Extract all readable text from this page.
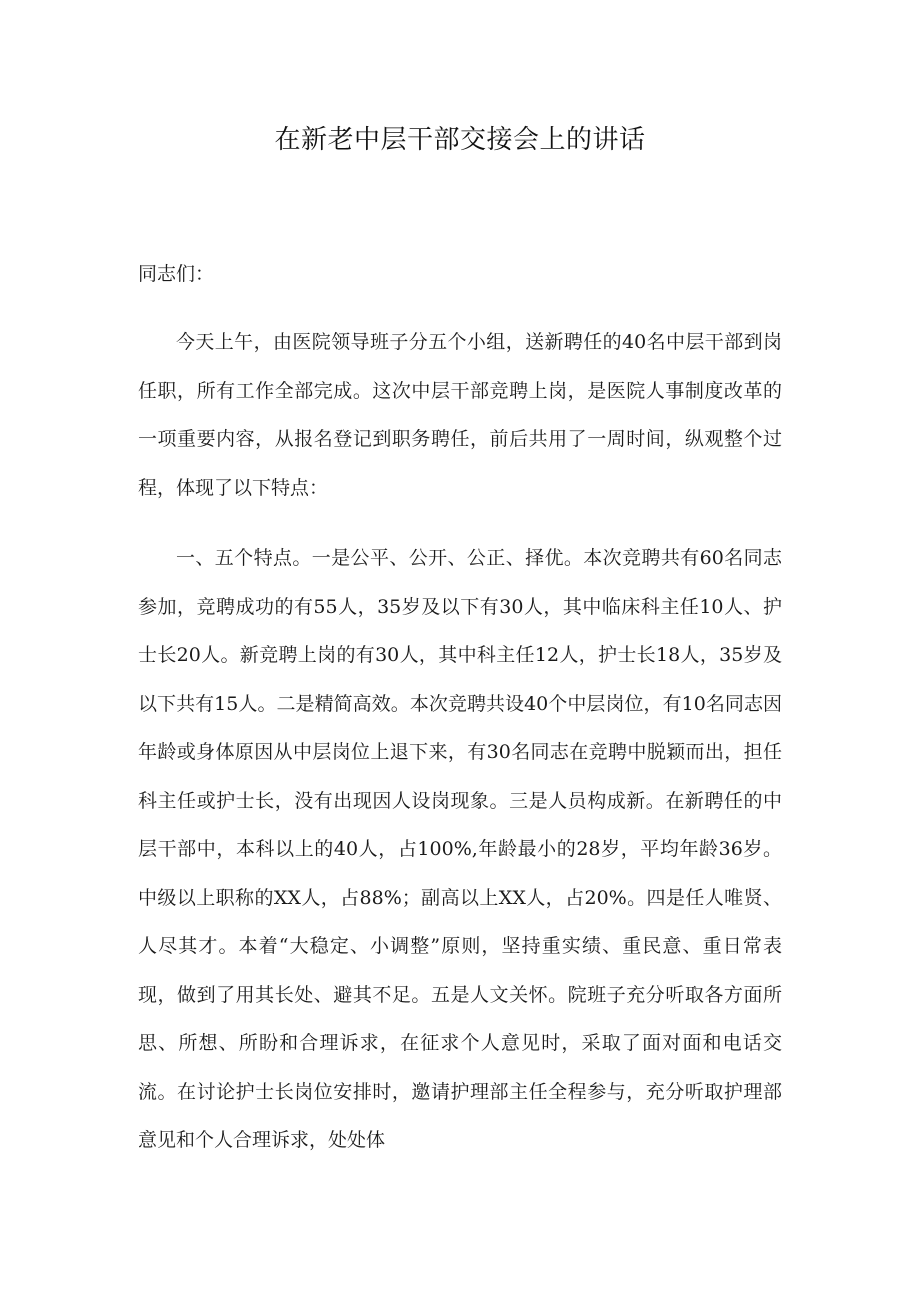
在新老中层干部交接会上的讲话

同志们：

今天上午，由医院领导班子分五个小组，送新聘任的40名中层干部到岗任职，所有工作全部完成。这次中层干部竞聘上岗，是医院人事制度改革的一项重要内容，从报名登记到职务聘任，前后共用了一周时间，纵观整个过程，体现了以下特点：

一、五个特点。一是公平、公开、公正、择优。本次竞聘共有60名同志参加，竞聘成功的有55人，35岁及以下有30人，其中临床科主任10人、护士长20人。新竞聘上岗的有30人，其中科主任12人，护士长18人，35岁及以下共有15人。二是精简高效。本次竞聘共设40个中层岗位，有10名同志因年龄或身体原因从中层岗位上退下来，有30名同志在竞聘中脱颖而出，担任科主任或护士长，没有出现因人设岗现象。三是人员构成新。在新聘任的中层干部中，本科以上的40人，占100%,年龄最小的28岁，平均年龄36岁。中级以上职称的XX人，占88%；副高以上XX人，占20%。四是任人唯贤、人尽其才。本着“大稳定、小调整”原则，坚持重实绩、重民意、重日常表现，做到了用其长处、避其不足。五是人文关怀。院班子充分听取各方面所思、所想、所盼和合理诉求，在征求个人意见时，采取了面对面和电话交流。在讨论护士长岗位安排时，邀请护理部主任全程参与，充分听取护理部意见和个人合理诉求，处处体
